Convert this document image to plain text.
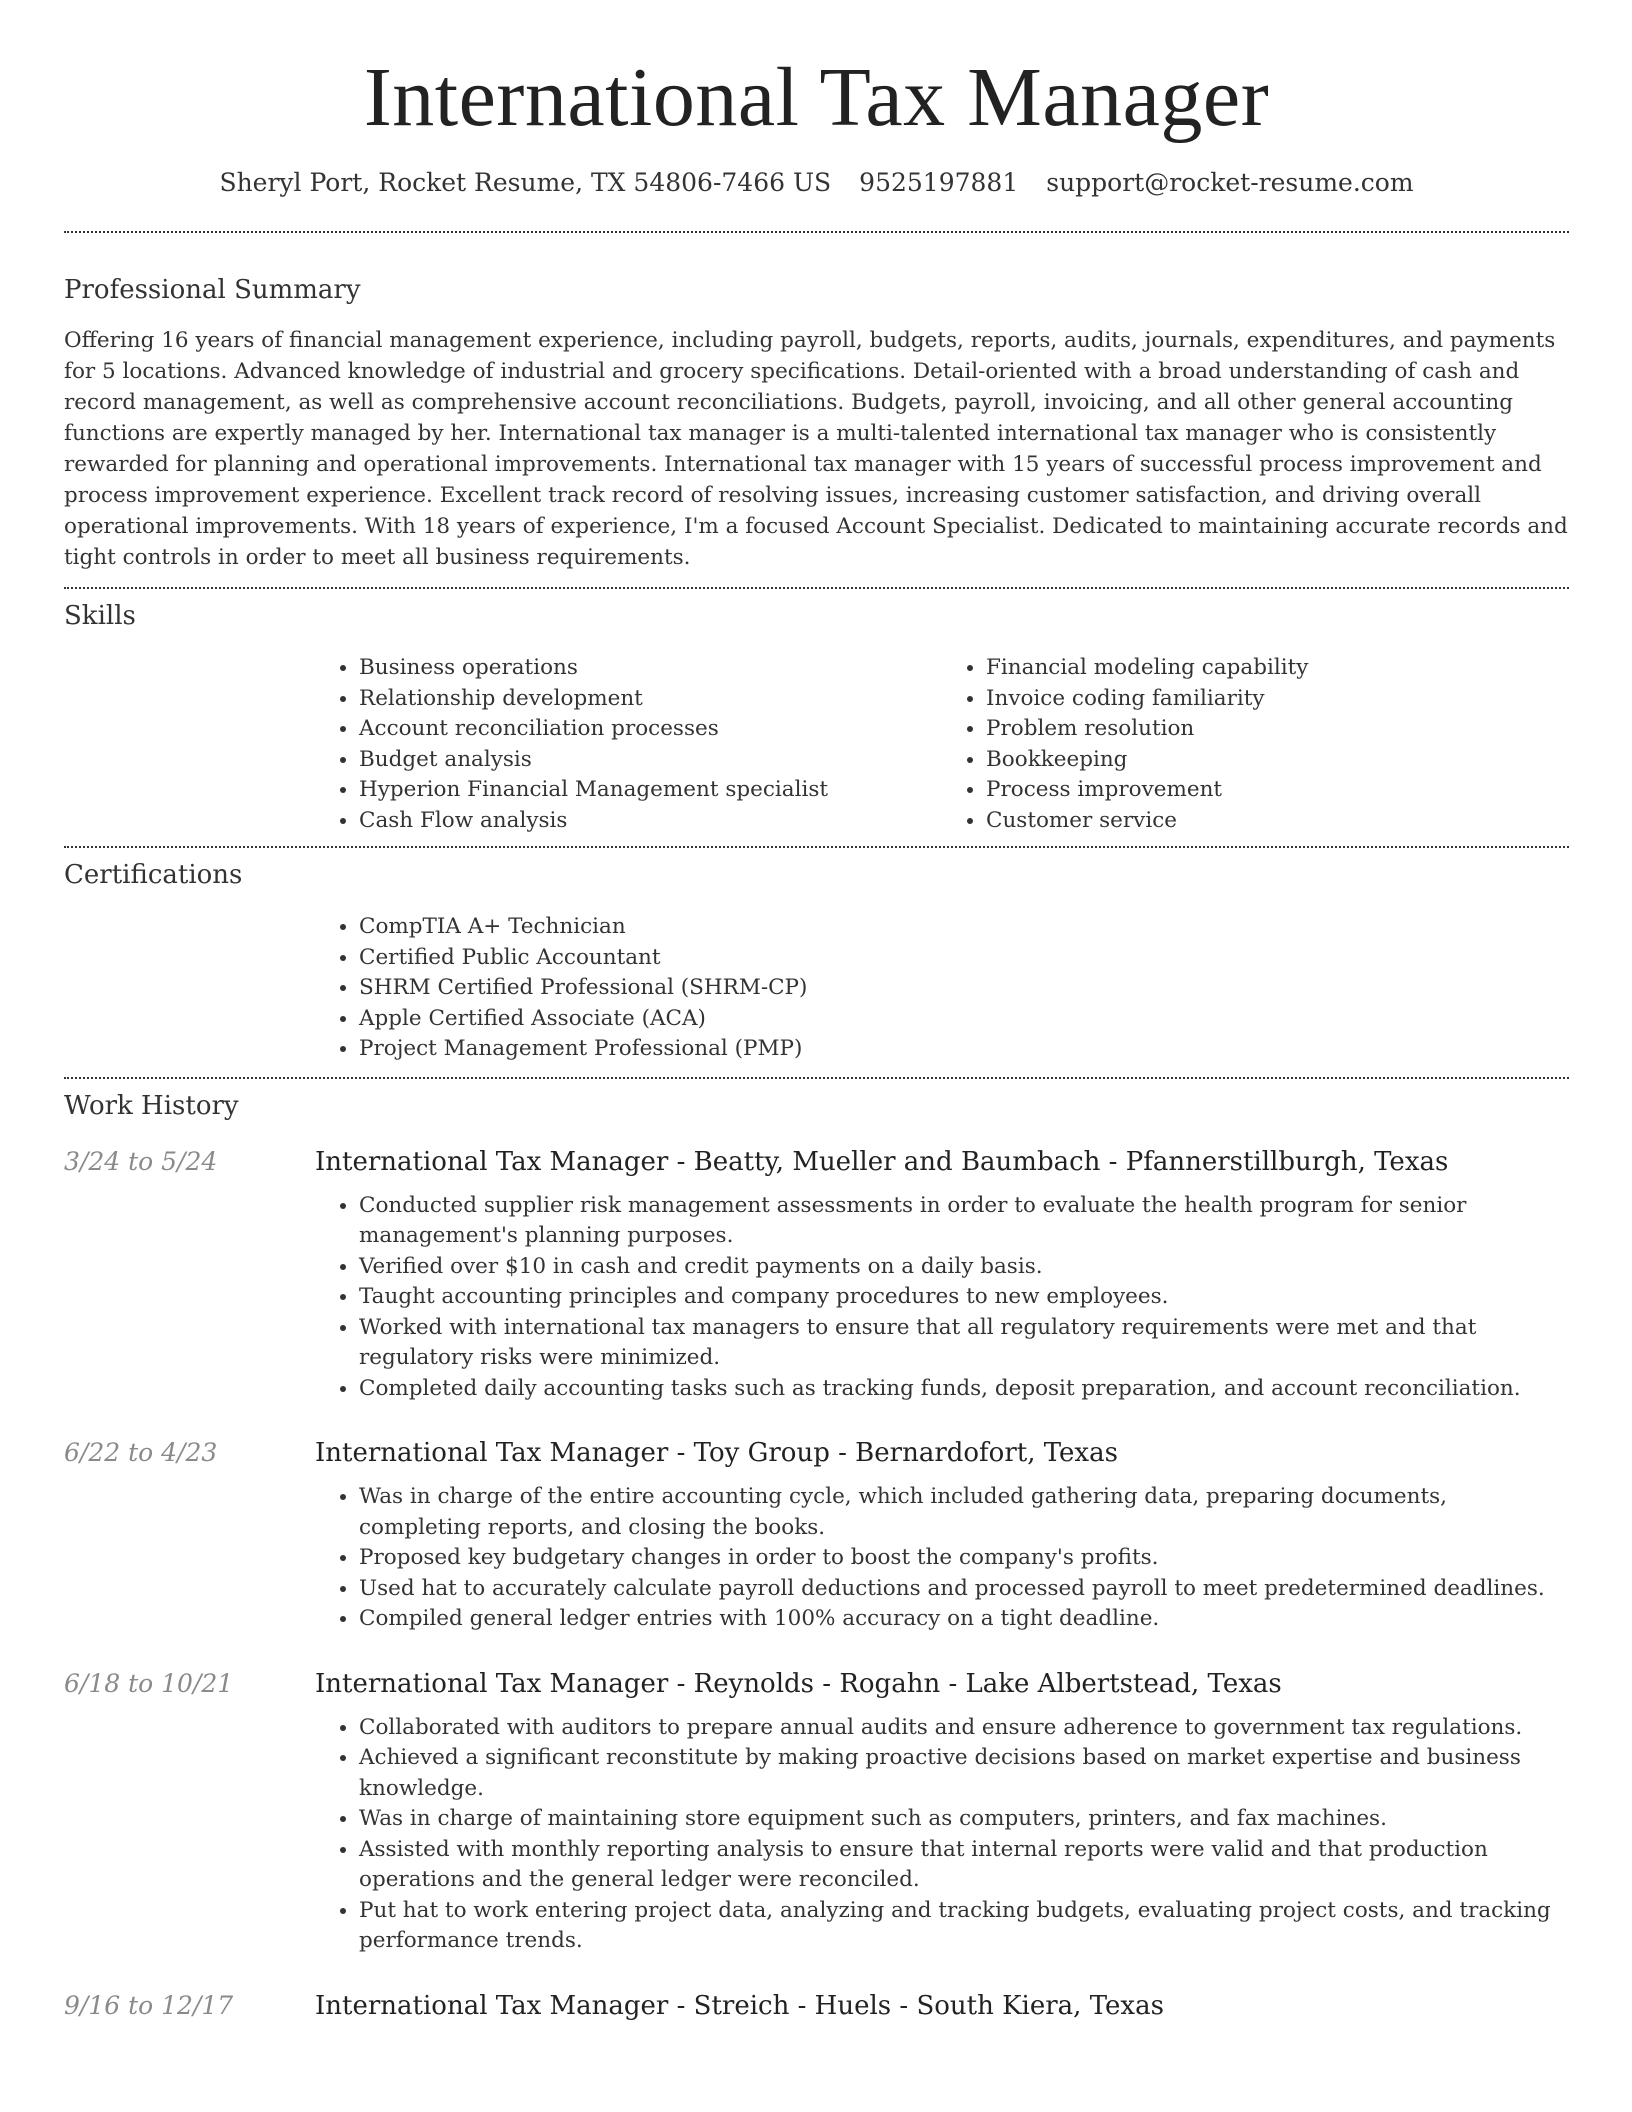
International Tax Manager
Sheryl Port, Rocket Resume, TX 54806-7466 US 9525197881 support@rocket-resume.com
Professional Summary

Offering 16 years of financial management experience, including payroll, budgets, reports, audits, journals, expenditures, and payments for 5 locations. Advanced knowledge of industrial and grocery specifications. Detail-oriented with a broad understanding of cash and record management, as well as comprehensive account reconciliations. Budgets, payroll, invoicing, and all other general accounting functions are expertly managed by her. International tax manager is a multi-talented international tax manager who is consistently rewarded for planning and operational improvements. International tax manager with 15 years of successful process improvement and process improvement experience. Excellent track record of resolving issues, increasing customer satisfaction, and driving overall operational improvements. With 18 years of experience, I'm a focused Account Specialist. Dedicated to maintaining accurate records and tight controls in order to meet all business requirements.

Skills
• Business operations
• Relationship development
• Account reconciliation processes
• Budget analysis
• Hyperion Financial Management specialist
• Cash Flow analysis
• Financial modeling capability
• Invoice coding familiarity
• Problem resolution
• Bookkeeping
• Process improvement
• Customer service
Certifications
• CompTIA A+ Technician
• Certified Public Accountant
• SHRM Certified Professional (SHRM-CP)
• Apple Certified Associate (ACA)
• Project Management Professional (PMP)
Work History
3/24 to 5/24	International Tax Manager - Beatty, Mueller and Baumbach - Pfannerstillburgh, Texas
• Conducted supplier risk management assessments in order to evaluate the health program for senior management's planning purposes.
• Verified over $10 in cash and credit payments on a daily basis.
• Taught accounting principles and company procedures to new employees.
• Worked with international tax managers to ensure that all regulatory requirements were met and that regulatory risks were minimized.
• Completed daily accounting tasks such as tracking funds, deposit preparation, and account reconciliation.
6/22 to 4/23	International Tax Manager - Toy Group - Bernardofort, Texas
• Was in charge of the entire accounting cycle, which included gathering data, preparing documents, completing reports, and closing the books.
• Proposed key budgetary changes in order to boost the company's profits.
• Used hat to accurately calculate payroll deductions and processed payroll to meet predetermined deadlines.
• Compiled general ledger entries with 100% accuracy on a tight deadline.
6/18 to 10/21	International Tax Manager - Reynolds - Rogahn - Lake Albertstead, Texas
• Collaborated with auditors to prepare annual audits and ensure adherence to government tax regulations.
• Achieved a significant reconstitute by making proactive decisions based on market expertise and business knowledge.
• Was in charge of maintaining store equipment such as computers, printers, and fax machines.
• Assisted with monthly reporting analysis to ensure that internal reports were valid and that production operations and the general ledger were reconciled.
• Put hat to work entering project data, analyzing and tracking budgets, evaluating project costs, and tracking performance trends.
9/16 to 12/17	International Tax Manager - Streich - Huels - South Kiera, Texas
